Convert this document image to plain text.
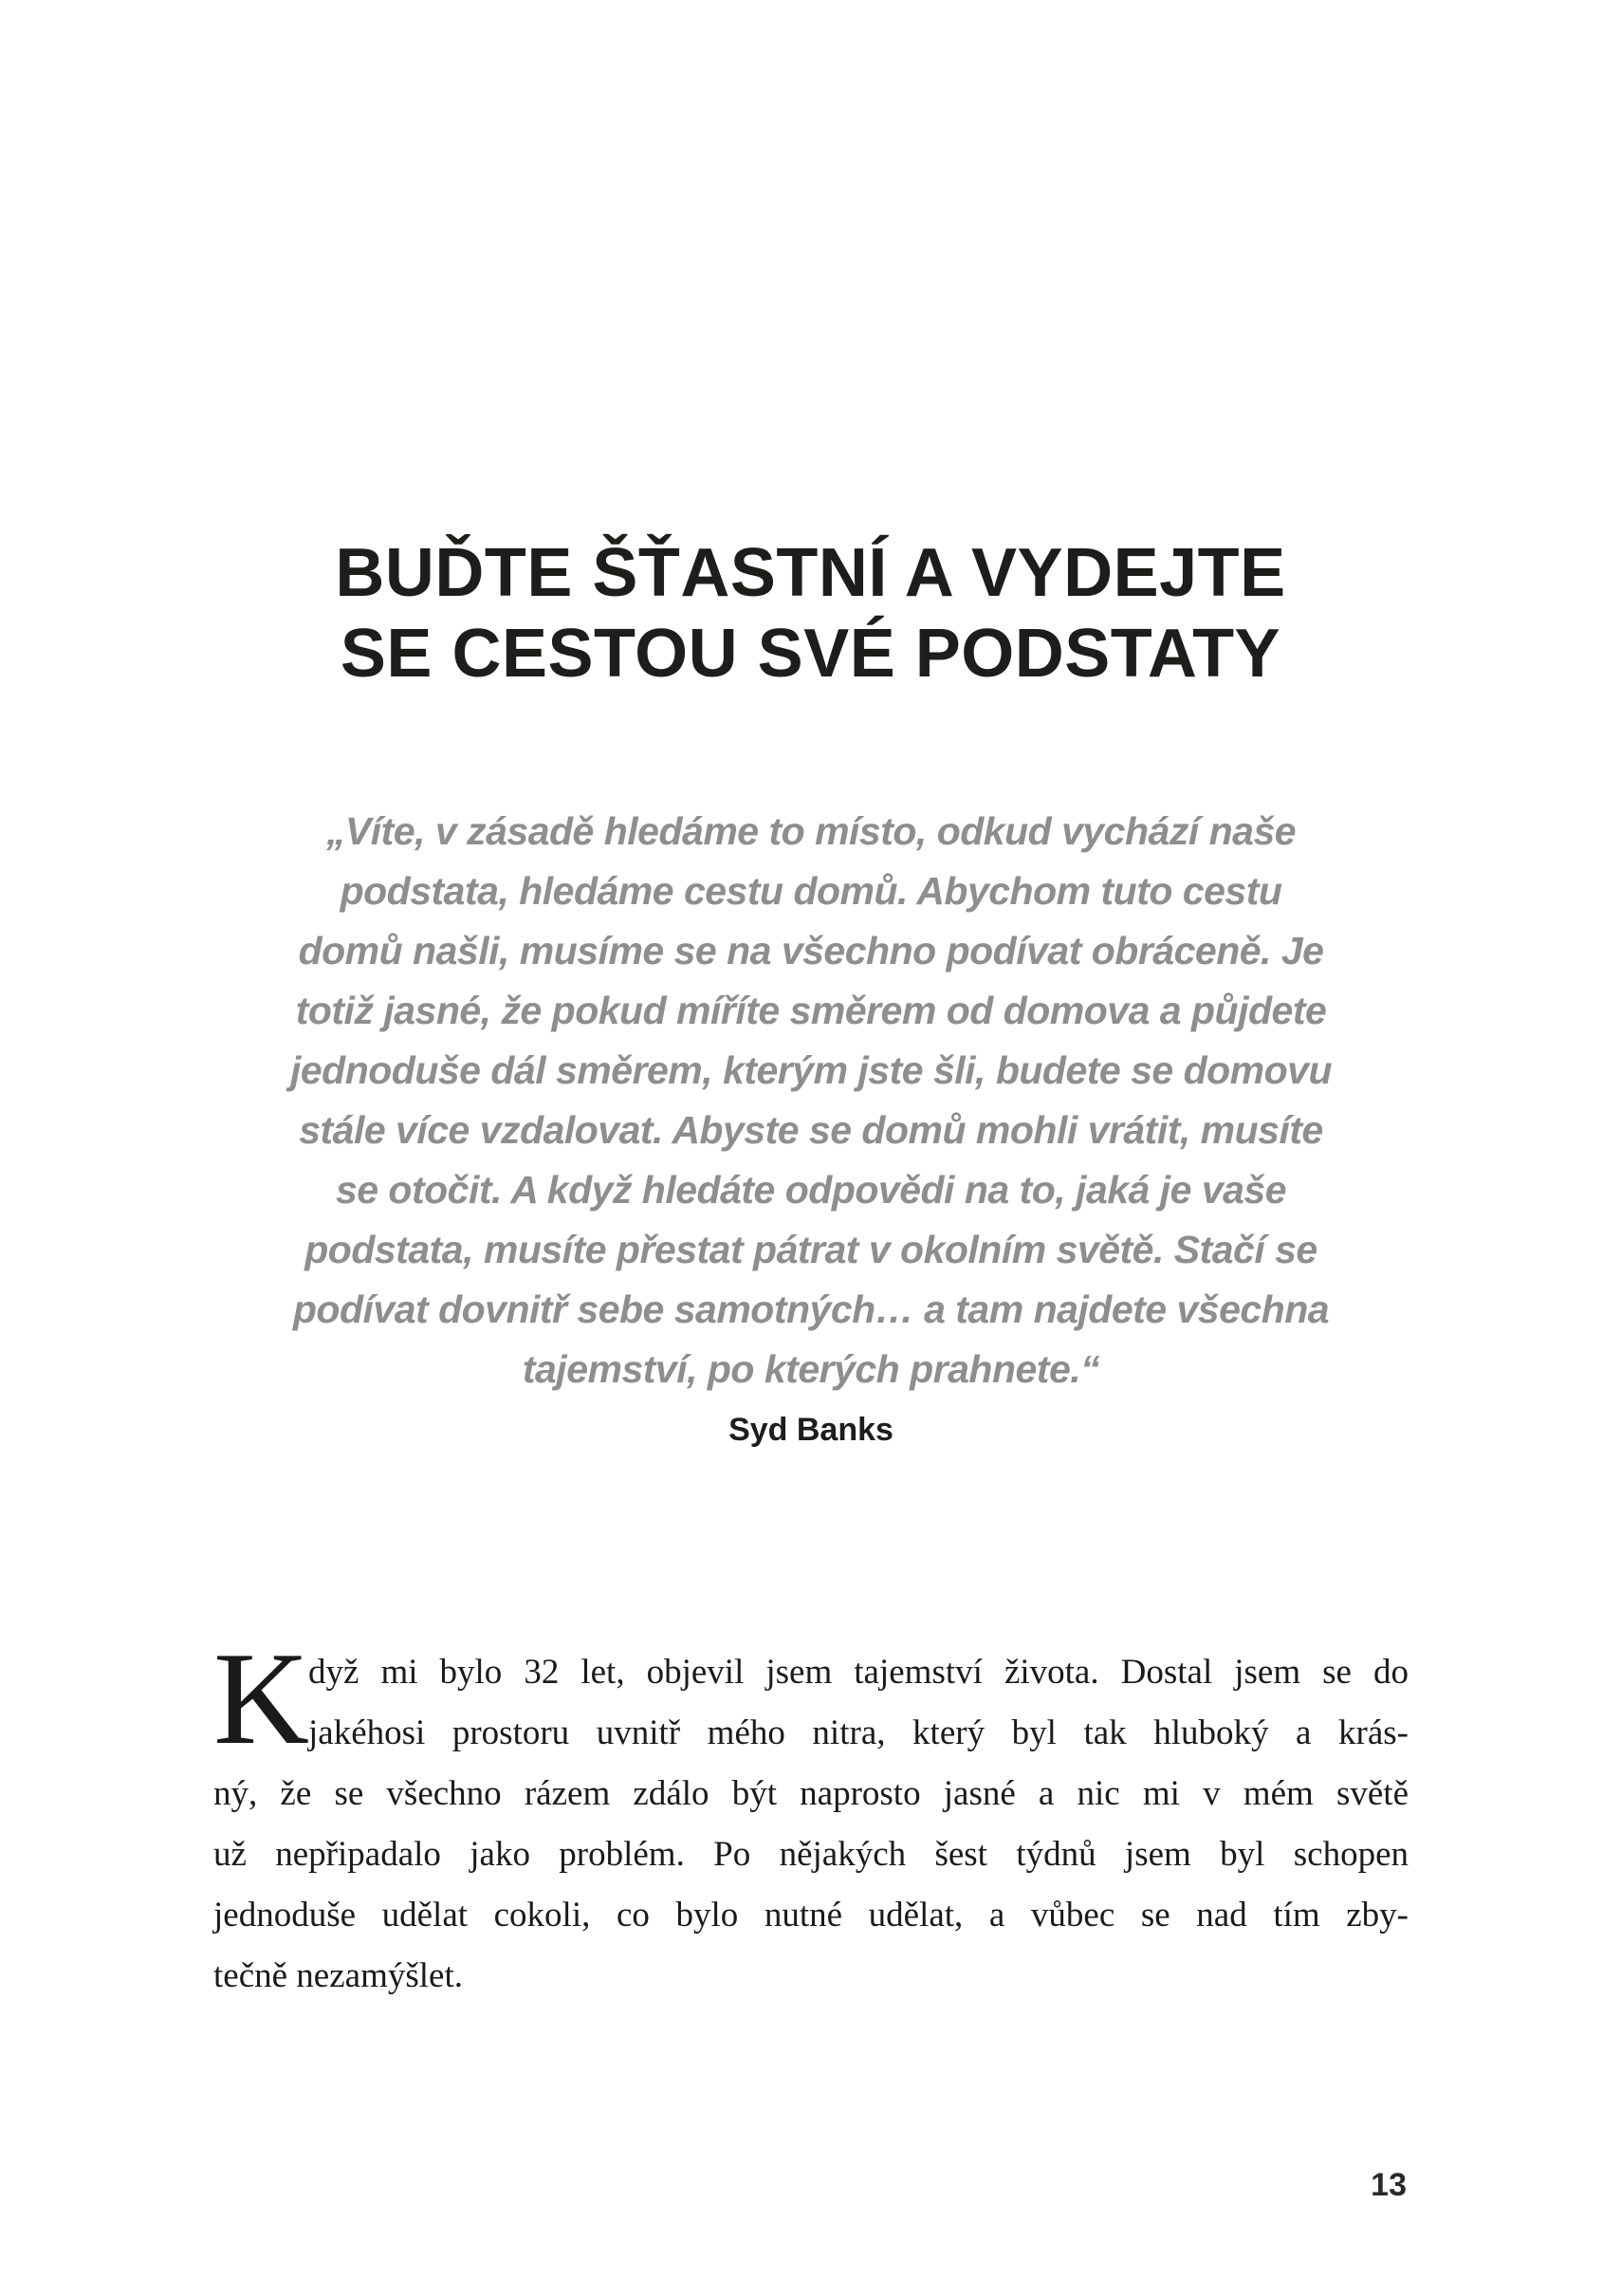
BUĎTE ŠŤASTNÍ A VYDEJTE
SE CESTOU SVÉ PODSTATY
„Víte, v zásadě hledáme to místo, odkud vychází naše
podstata, hledáme cestu domů. Abychom tuto cestu
domů našli, musíme se na všechno podívat obráceně. Je
totiž jasné, že pokud míříte směrem od domova a půjdete
jednoduše dál směrem, kterým jste šli, budete se domovu
stále více vzdalovat. Abyste se domů mohli vrátit, musíte
se otočit. A když hledáte odpovědi na to, jaká je vaše
podstata, musíte přestat pátrat v okolním světě. Stačí se
podívat dovnitř sebe samotných… a tam najdete všechna
tajemství, po kterých prahnete.“
Syd Banks
K
dyž mi bylo 32 let, objevil jsem tajemství života. Dostal jsem se do
jakéhosi prostoru uvnitř mého nitra, který byl tak hluboký a krás-
ný, že se všechno rázem zdálo být naprosto jasné a nic mi v mém světě
už nepřipadalo jako problém. Po nějakých šest týdnů jsem byl schopen
jednoduše udělat cokoli, co bylo nutné udělat, a vůbec se nad tím zby-
tečně nezamýšlet.
13
